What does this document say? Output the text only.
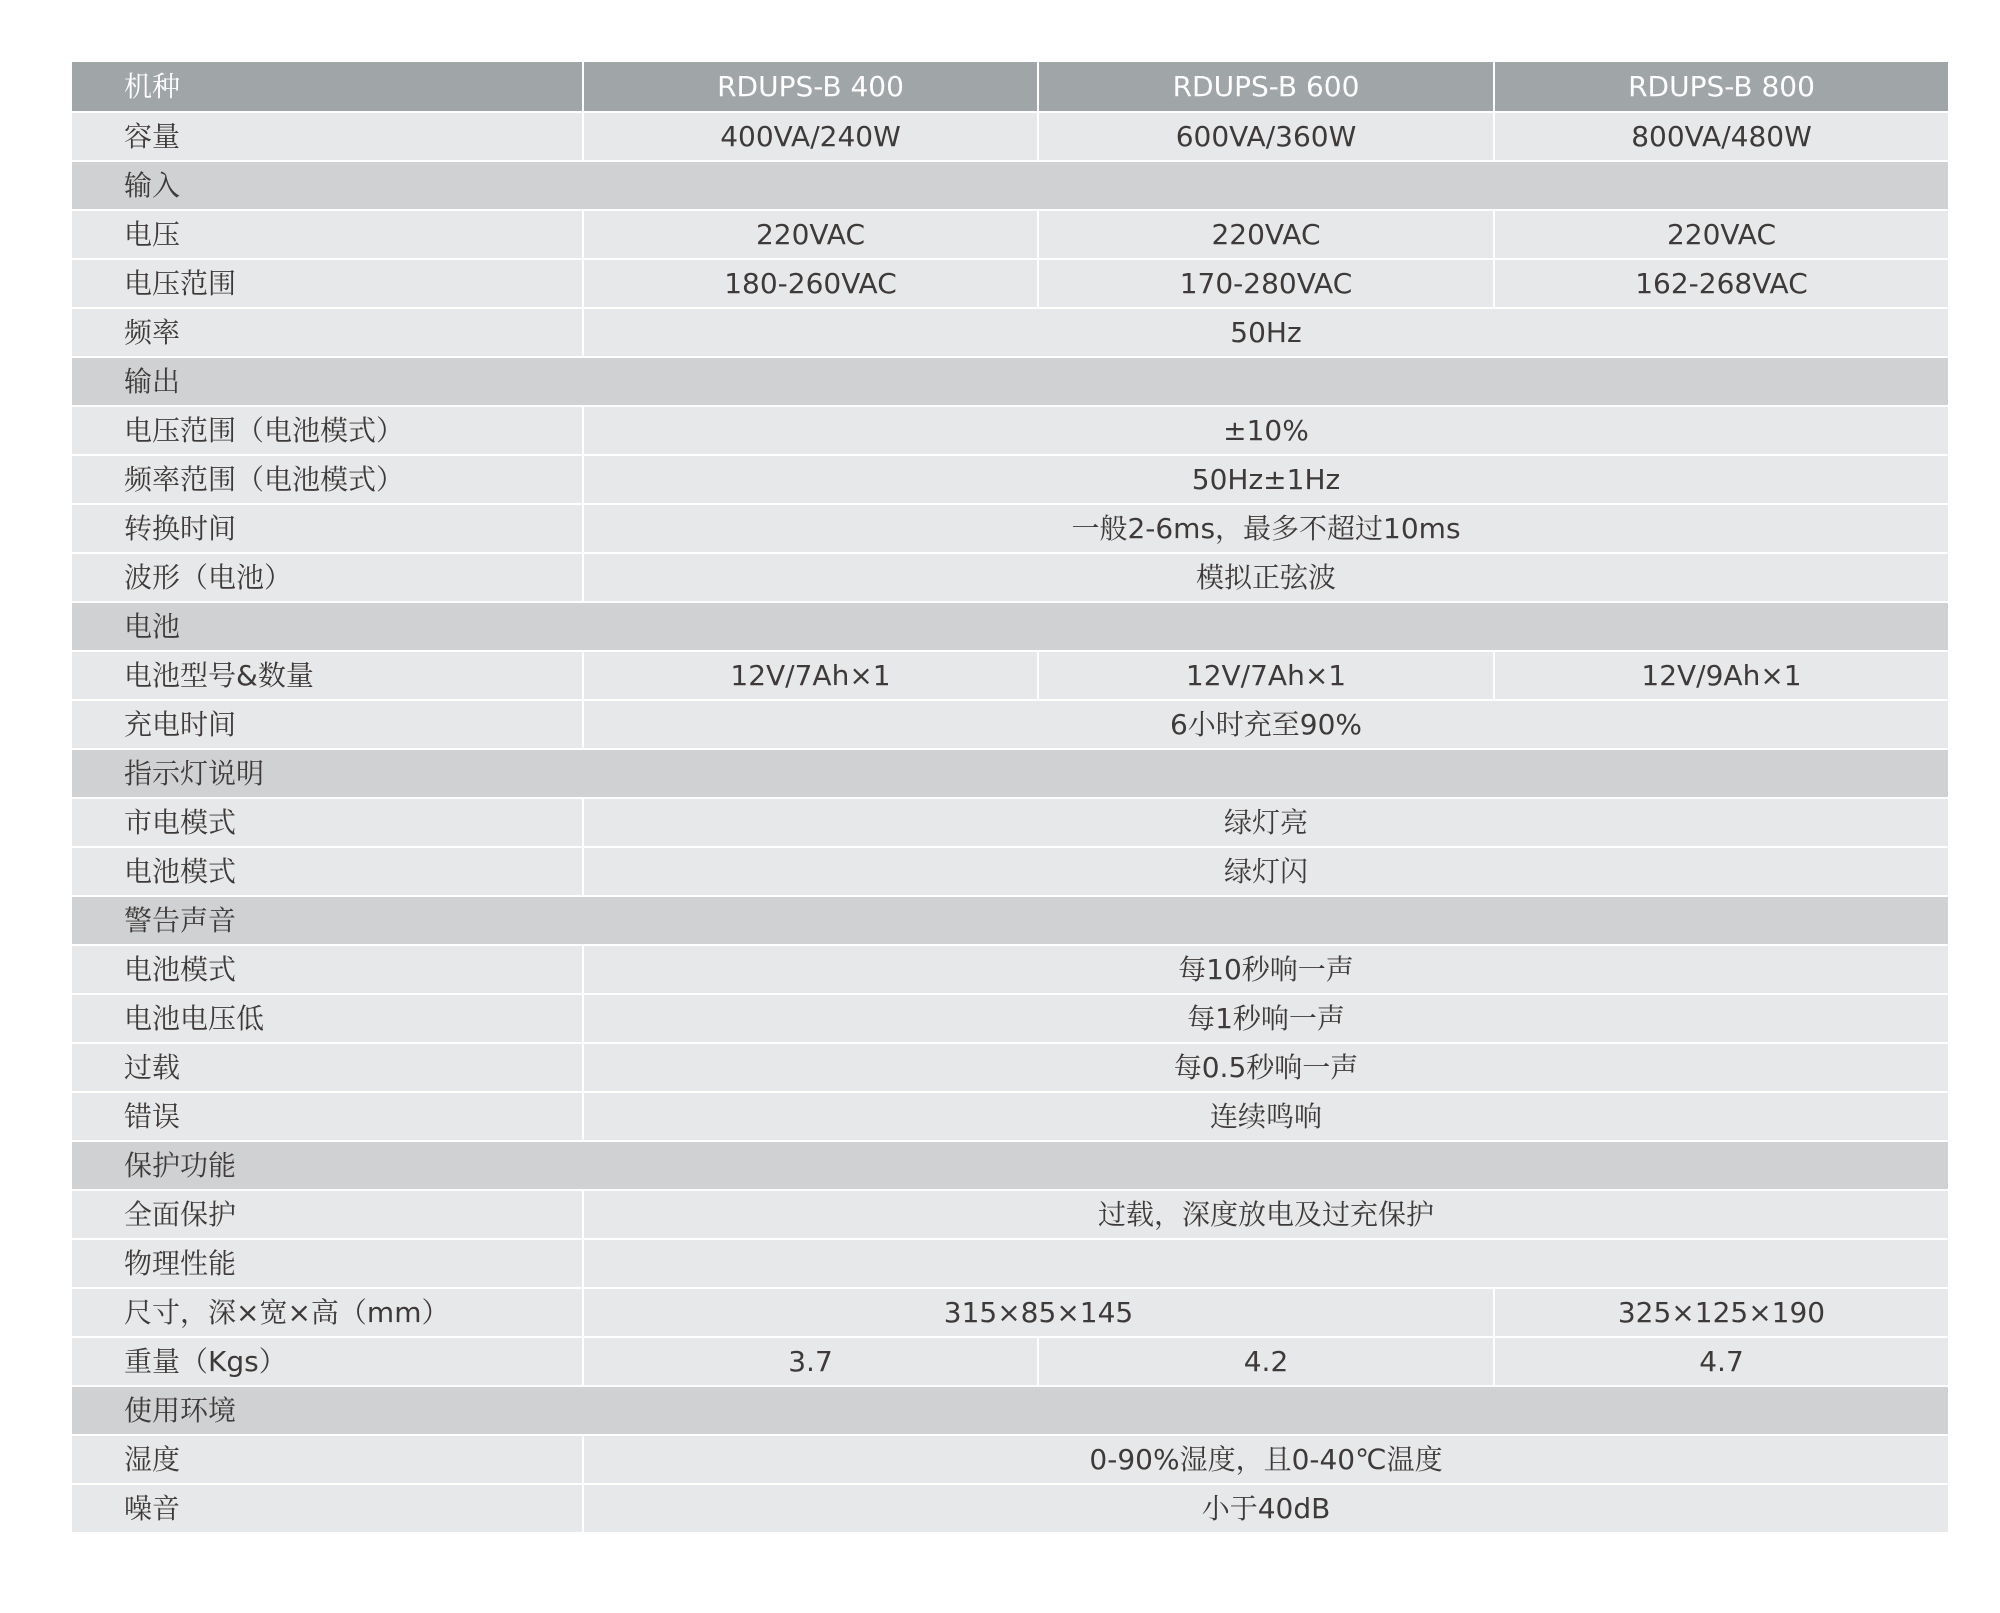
机种	RDUPS-B 400	RDUPS-B 600	RDUPS-B 800
容量	400VA/240W	600VA/360W	800VA/480W
输入			
电压	220VAC	220VAC	220VAC
电压范围	180-260VAC	170-280VAC	162-268VAC
频率	50Hz		
输出			
电压范围（电池模式）	±10%		
频率范围（电池模式）	50Hz±1Hz		
转换时间	一般2-6ms，最多不超过10ms		
波形（电池）	模拟正弦波		
电池			
电池型号&数量	12V/7Ah×1	12V/7Ah×1	12V/9Ah×1
充电时间	6小时充至90%		
指示灯说明			
市电模式	绿灯亮		
电池模式	绿灯闪		
警告声音			
电池模式	每10秒响一声		
电池电压低	每1秒响一声		
过载	每0.5秒响一声		
错误	连续鸣响		
保护功能			
全面保护	过载，深度放电及过充保护		
物理性能			
尺寸，深×宽×高（mm）	315×85×145		325×125×190
重量（Kgs）	3.7	4.2	4.7
使用环境			
湿度	0-90%湿度，且0-40℃温度		
噪音	小于40dB		
